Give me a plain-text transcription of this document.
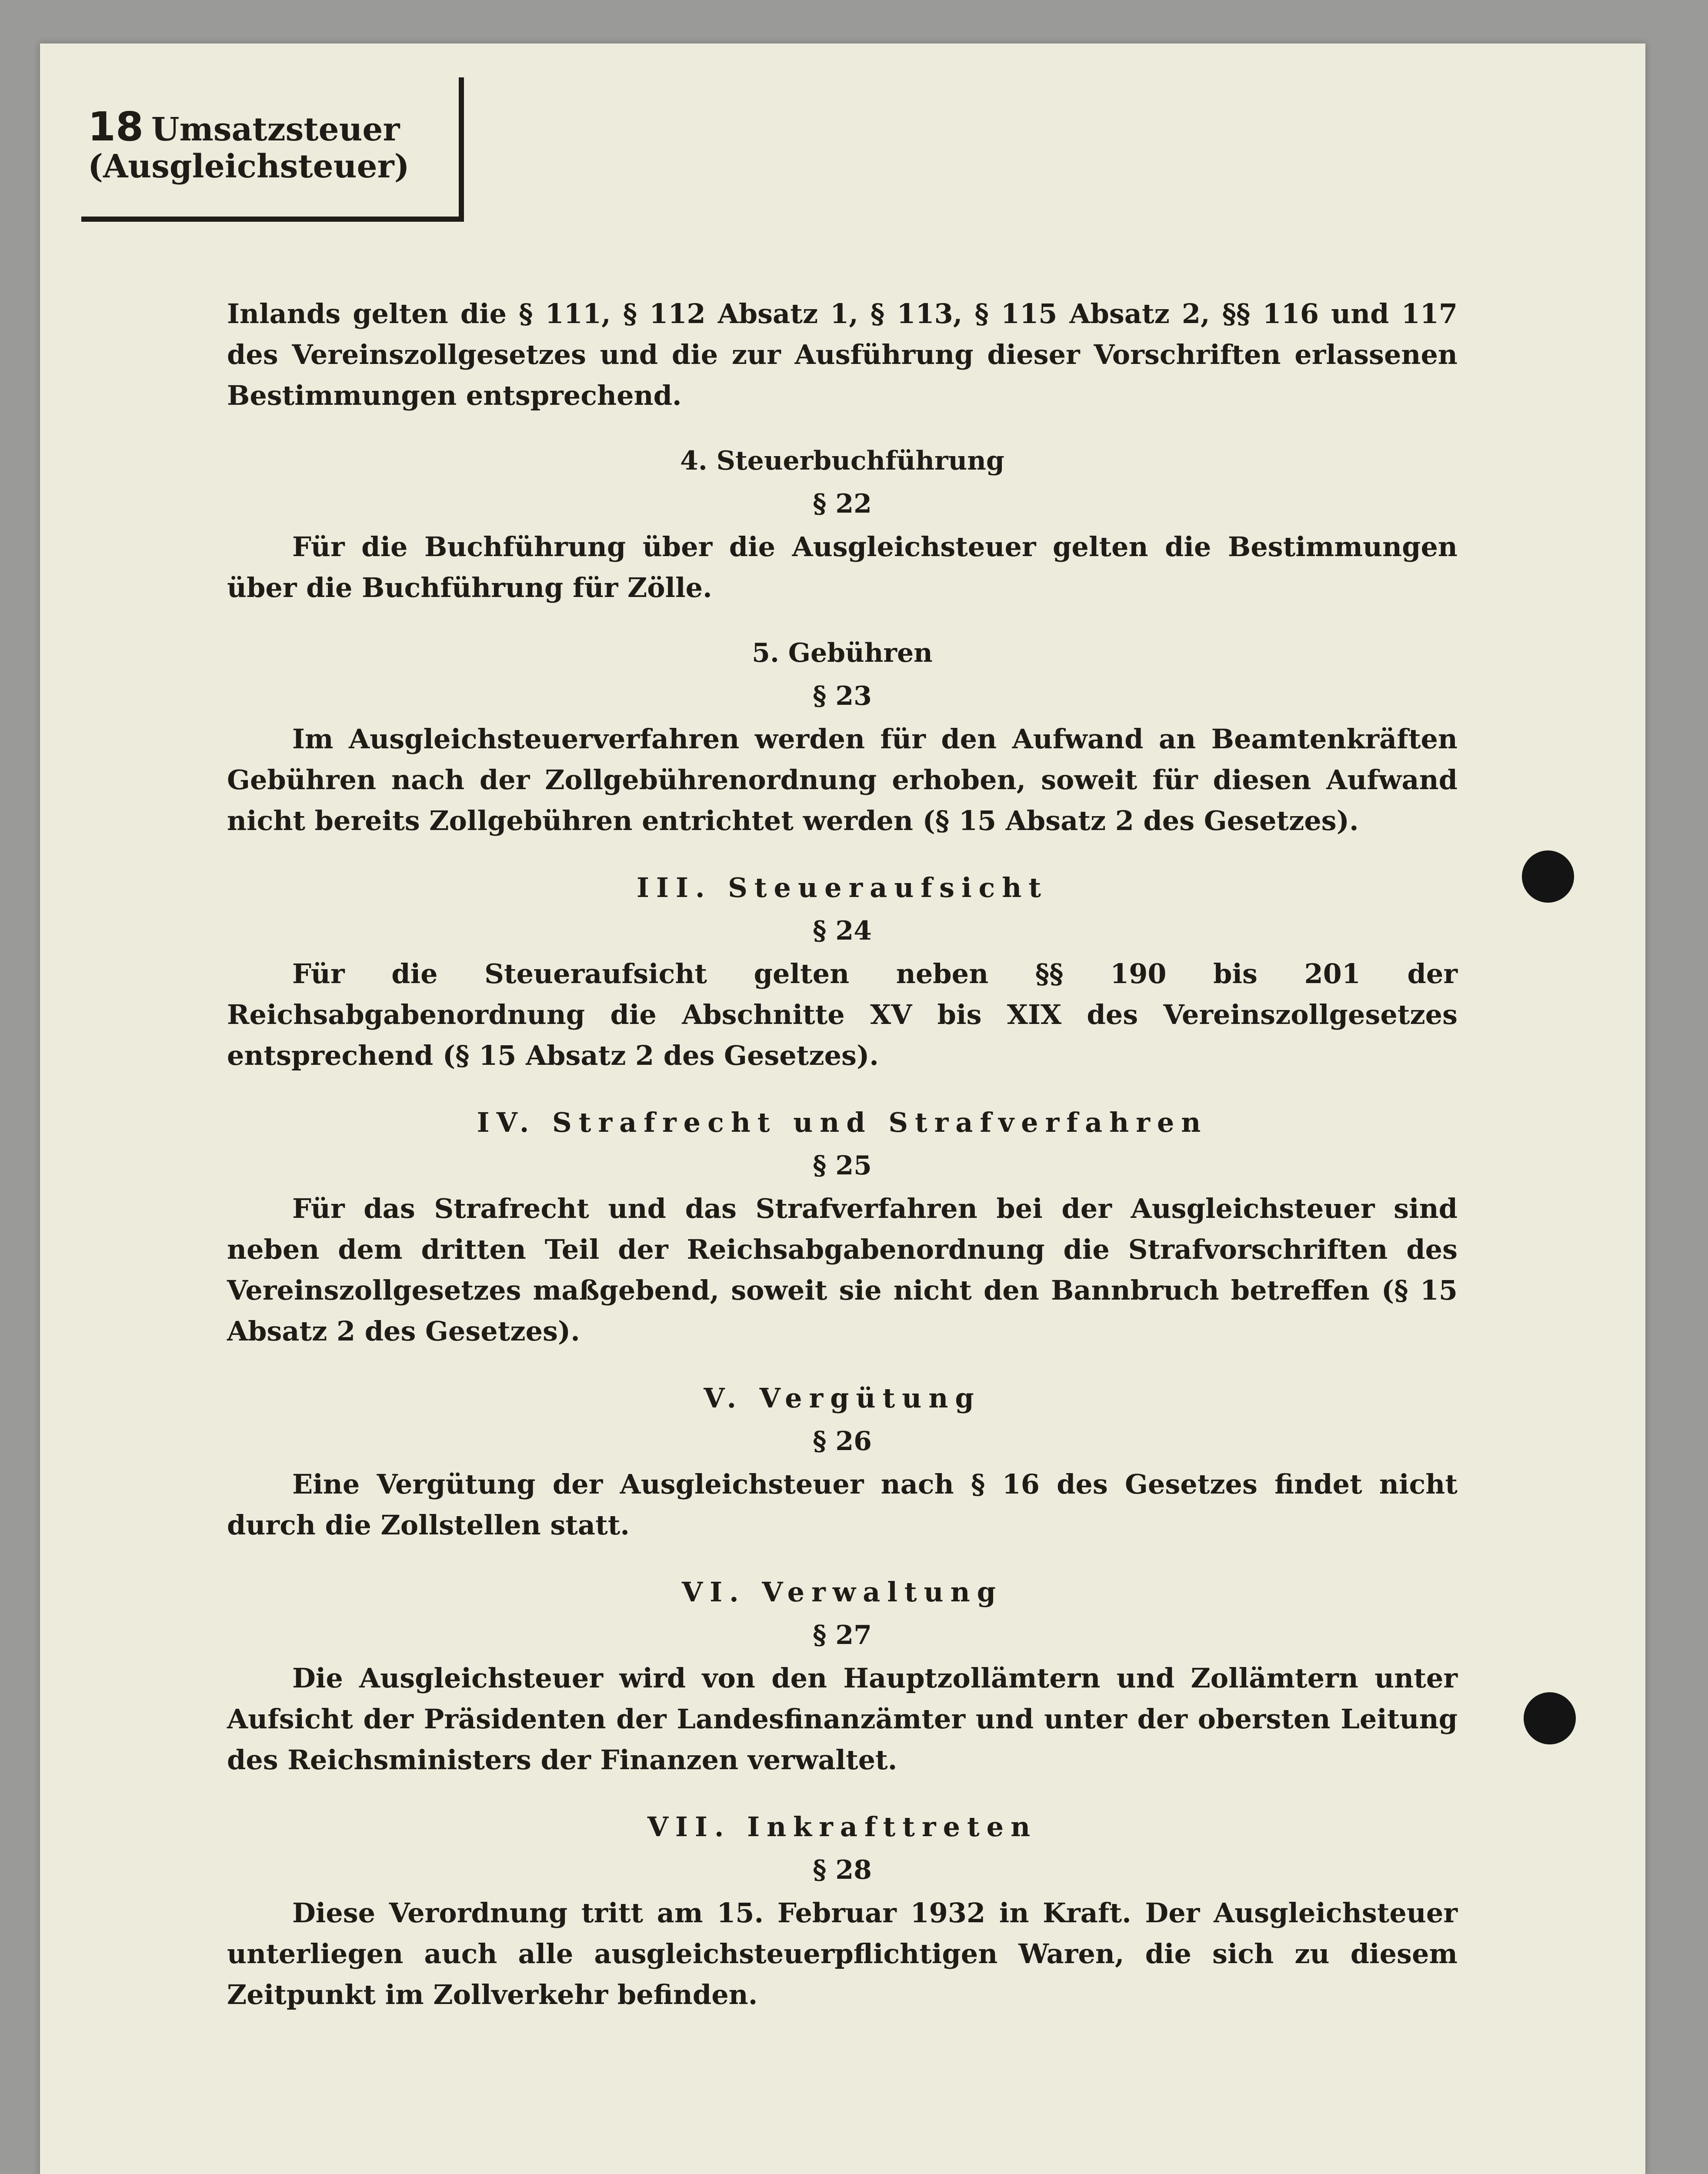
18 Umsatzsteuer
(Ausgleichsteuer)

Inlands gelten die § 111, § 112 Absatz 1, § 113, § 115 Absatz 2, §§ 116 und 117 des Vereinszollgesetzes und die zur Ausführung dieser Vorschriften erlassenen Bestimmungen entsprechend.

4. Steuerbuchführung

§ 22

Für die Buchführung über die Ausgleichsteuer gelten die Bestimmungen über die Buchführung für Zölle.

5. Gebühren

§ 23

Im Ausgleichsteuerverfahren werden für den Aufwand an Beamtenkräften Gebühren nach der Zollgebührenordnung erhoben, soweit für diesen Aufwand nicht bereits Zollgebühren entrichtet werden (§ 15 Absatz 2 des Gesetzes).

III. Steueraufsicht

§ 24

Für die Steueraufsicht gelten neben §§ 190 bis 201 der Reichsabgabenordnung die Abschnitte XV bis XIX des Vereinszollgesetzes entsprechend (§ 15 Absatz 2 des Gesetzes).

IV. Strafrecht und Strafverfahren

§ 25

Für das Strafrecht und das Strafverfahren bei der Ausgleichsteuer sind neben dem dritten Teil der Reichsabgabenordnung die Strafvorschriften des Vereinszollgesetzes maßgebend, soweit sie nicht den Bannbruch betreffen (§ 15 Absatz 2 des Gesetzes).

V. Vergütung

§ 26

Eine Vergütung der Ausgleichsteuer nach § 16 des Gesetzes findet nicht durch die Zollstellen statt.

VI. Verwaltung

§ 27

Die Ausgleichsteuer wird von den Hauptzollämtern und Zollämtern unter Aufsicht der Präsidenten der Landesfinanzämter und unter der obersten Leitung des Reichsministers der Finanzen verwaltet.

VII. Inkrafttreten

§ 28

Diese Verordnung tritt am 15. Februar 1932 in Kraft. Der Ausgleichsteuer unterliegen auch alle ausgleichsteuerpflichtigen Waren, die sich zu diesem Zeitpunkt im Zollverkehr befinden.
